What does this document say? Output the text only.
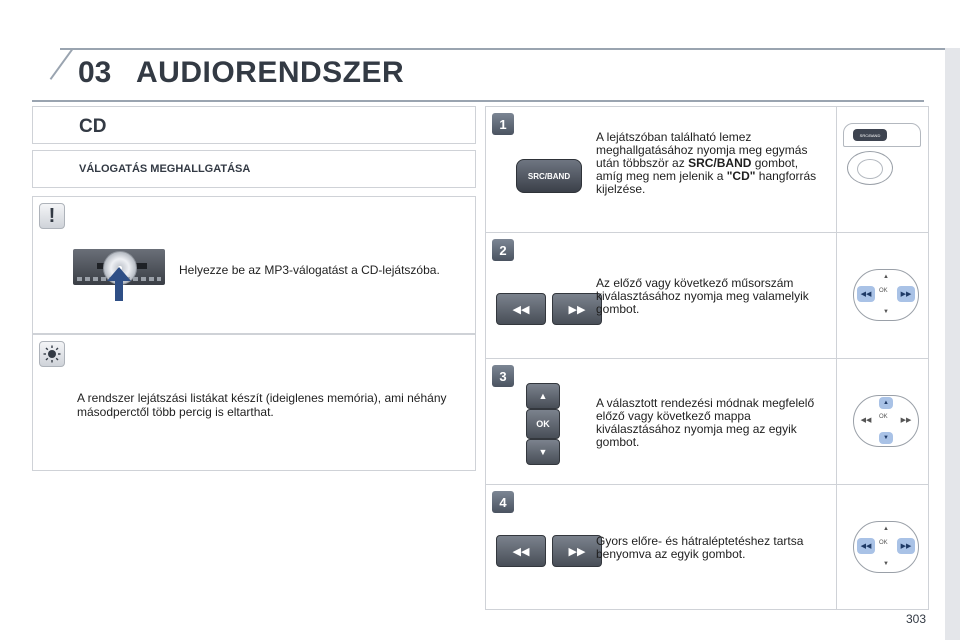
03 AUDIORENDSZER
CD
VÁLOGATÁS MEGHALLGATÁSA
!
Helyezze be az MP3-válogatást a CD-lejátszóba.
A rendszer lejátszási listákat készít (ideiglenes memória), ami néhány másodperctől több percig is eltarthat.
1
SRC/BAND
A lejátszóban található lemez meghallgatásához nyomja meg egymás után többször az SRC/BAND gombot, amíg meg nem jelenik a "CD" hangforrás kijelzése.
SRC/BAND
2
◀◀	▶▶
Az előző vagy következő műsorszám kiválasztásához nyomja meg valamelyik gombot.
▲
◀◀	OK	▶▶
▼
3
▲
OK
▼
A választott rendezési módnak megfelelő előző vagy következő mappa kiválasztásához nyomja meg az egyik gombot.
▲
◀◀	OK	▶▶
▼
4
◀◀	▶▶
Gyors előre- és hátraléptetéshez tartsa benyomva az egyik gombot.
▲
◀◀	OK	▶▶
▼
303
